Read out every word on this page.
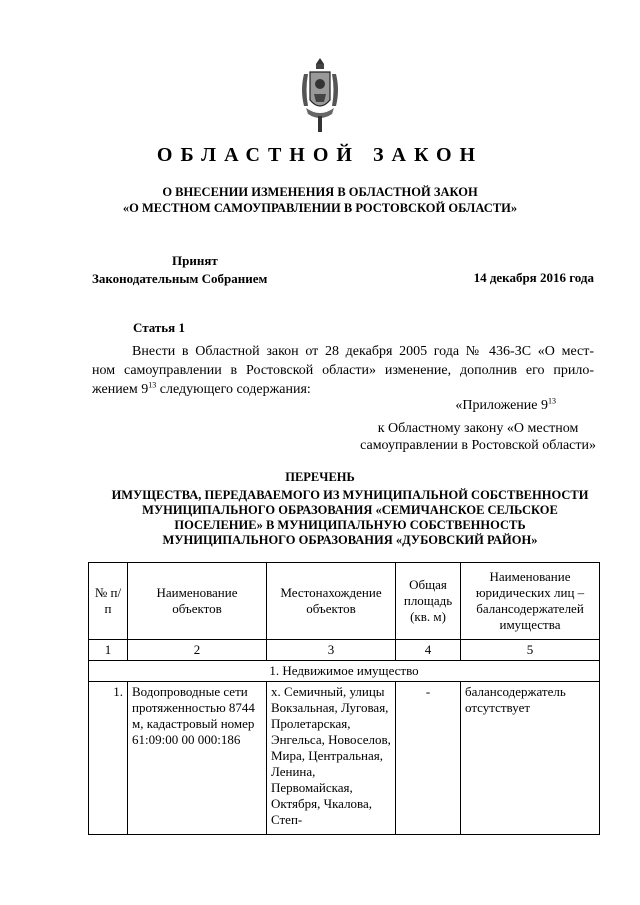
ОБЛАСТНОЙ ЗАКОН
О ВНЕСЕНИИ ИЗМЕНЕНИЯ В ОБЛАСТНОЙ ЗАКОН
«О МЕСТНОМ САМОУПРАВЛЕНИИ В РОСТОВСКОЙ ОБЛАСТИ»
Принят
Законодательным Собранием	14 декабря 2016 года
Статья 1

Внести в Областной закон от 28 декабря 2005 года № 436-ЗС «О мест-

ном самоуправлении в Ростовской области» изменение, дополнив его прило-
жением $9^{13}$ следующего содержания:
«Приложение $9^{13}$
к Областному закону «О местном
самоуправлении в Ростовской области»
ПЕРЕЧЕНЬ
ИМУЩЕСТВА, ПЕРЕДАВАЕМОГО ИЗ МУНИЦИПАЛЬНОЙ СОБСТВЕННОСТИ
МУНИЦИПАЛЬНОГО ОБРАЗОВАНИЯ «СЕМИЧАНСКОЕ СЕЛЬСКОЕ
ПОСЕЛЕНИЕ» В МУНИЦИПАЛЬНУЮ СОБСТВЕННОСТЬ
МУНИЦИПАЛЬНОГО ОБРАЗОВАНИЯ «ДУБОВСКИЙ РАЙОН»
№ п/п	Наименование объектов	Местонахождение объектов	Общая площадь (кв. м)	Наименование юридических лиц – балансодержателей имущества
1	2	3	4	5
1. Недвижимое имущество				
1.	Водопроводные сети протяженностью 8744 м, кадастровый номер 61:09:00 00 000:186	х. Семичный, улицы Вокзальная, Луговая, Пролетарская, Энгельса, Новоселов, Мира, Центральная, Ленина, Первомайская, Октября, Чкалова, Степ-	-	балансодержатель отсутствует
